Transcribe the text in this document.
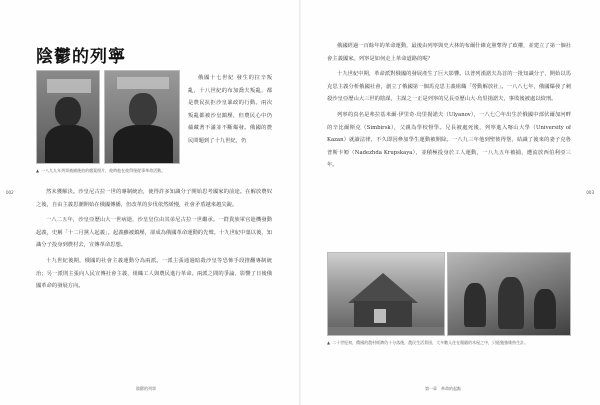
002	003
陰鬱的列寧
▲ 一八九九年列寧被捕後拍的檔案照片，彼時他在彼得堡從事革命活動。

俄國十七世紀 發生的拉辛叛亂，十八世紀的布加喬夫叛亂，都是農民抗拒沙皇暴政的行動。兩次叛亂都被沙皇鎮壓，但農民心中仍蘊藏著不滿並不斷爆發。俄國的農民問題到了十九世紀，仍

然未獲解決。沙皇尼古拉一世的專制統治，使得許多知識分子開始思考國家的前途。在解放農奴之後，自由主義思潮開始在俄國傳播，但改革的步伐依然緩慢，社會矛盾越來越尖銳。

一八二五年，沙皇亞歷山大一世病逝，沙皇皇位由其弟尼古拉一世繼承。一群貴族軍官趁機發動起義，史稱「十二月黨人起義」。起義雖被鎮壓，卻成為俄國革命運動的先聲。十九世紀中葉以後，知識分子投身到農村去，宣傳革命思想。

十九世紀後期，俄國的社會主義運動分為兩派。一派主張通過暗殺沙皇等恐怖手段推翻專制統治；另一派則主張向人民宣傳社會主義，組織工人與農民進行革命。兩派之間的爭論，影響了日後俄國革命的發展方向。

陰鬱的列寧

俄國經過一百餘年的革命運動，最後由列寧與史大林的布爾什維克黨奪得了政權，並建立了第一個社會主義國家。列寧是如何走上革命道路的呢？

十九世紀中期，革命派對俄國的發展產生了巨大影響。以普列漢諾夫為首的一批知識分子，開始以馬克思主義分析俄國社會，創立了俄國第一個馬克思主義組織「勞動解放社」。一八八七年，俄國爆發了刺殺沙皇亞歷山大三世的陰謀，主謀之一正是列寧的兄長亞歷山大·烏里揚諾夫，事敗後被處以絞刑。

列寧的真名是弗拉基米爾·伊里奇·烏里揚諾夫（Ulyanov），一八七〇年出生於俄國中部伏爾加河畔的辛比爾斯克（Simbirsk），父親為學校督學。兄長被處死後，列寧進入喀山大學（University of Kazan）就讀法律，不久即因參加學生運動被開除。一八九三年他到聖彼得堡，結識了後來的妻子克魯普斯卡婭（Nadezhda Krupskaya），並積極投身於工人運動，一八九五年被捕，遭流放西伯利亞三年。

▲ 二十世紀初，俄國的農村經濟仍十分落後，農民生活貧困，大多數人住在簡陋的木屋之中，只能勉強維持生計。
第一章　革命的起點
